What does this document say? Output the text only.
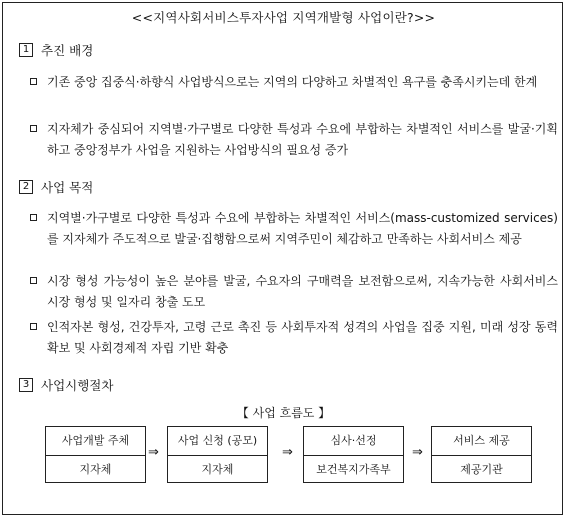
<<지역사회서비스투자사업 지역개발형 사업이란?>>
1 추진 배경
기존 중앙 집중식·하향식 사업방식으로는 지역의 다양하고 차별적인 욕구를 충족시키는데 한계
지자체가 중심되어 지역별·가구별로 다양한 특성과 수요에 부합하는 차별적인 서비스를 발굴·기획하고 중앙정부가 사업을 지원하는 사업방식의 필요성 증가
2 사업 목적
지역별·가구별로 다양한 특성과 수요에 부합하는 차별적인 서비스(mass-customized services)를 지자체가 주도적으로 발굴·집행함으로써 지역주민이 체감하고 만족하는 사회서비스 제공
시장 형성 가능성이 높은 분야를 발굴, 수요자의 구매력을 보전함으로써, 지속가능한 사회서비스 시장 형성 및 일자리 창출 도모
인적자본 형성, 건강투자, 고령 근로 촉진 등 사회투자적 성격의 사업을 집중 지원, 미래 성장 동력 확보 및 사회경제적 자립 기반 확충
3 사업시행절차
【 사업 흐름도 】
사업개발 주체
지자체
⇒
사업 신청 (공모)
지자체
⇒
심사·선정
보건복지가족부
⇒
서비스 제공
제공기관
